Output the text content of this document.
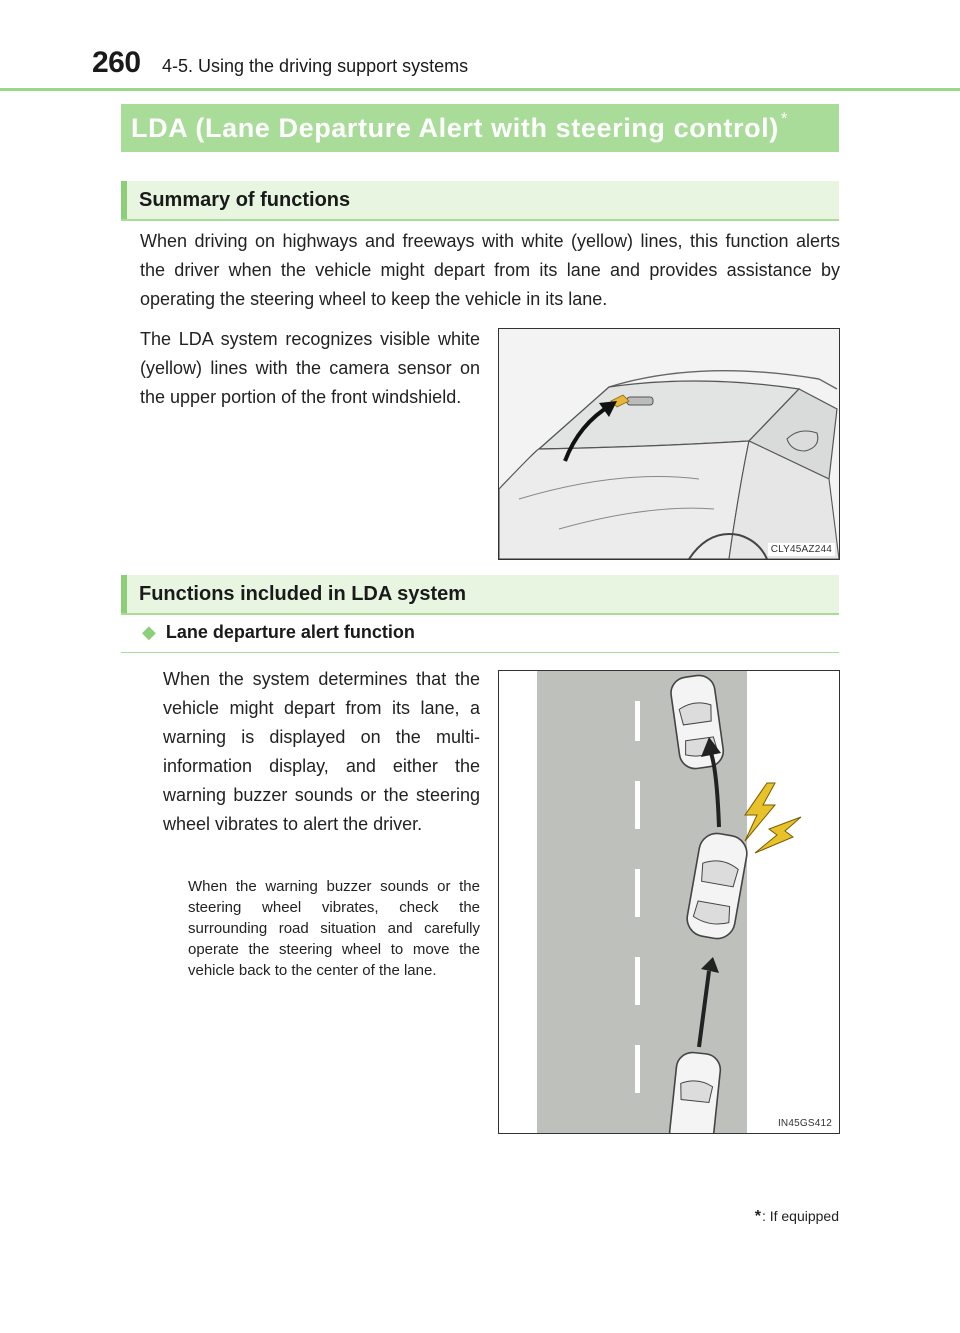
260 4-5. Using the driving support systems
LDA (Lane Departure Alert with steering control) *
Summary of functions
When driving on highways and freeways with white (yellow) lines, this function alerts the driver when the vehicle might depart from its lane and provides assistance by operating the steering wheel to keep the vehicle in its lane.
The LDA system recognizes visible white (yellow) lines with the camera sensor on the upper portion of the front windshield.
CLY45AZ244
Functions included in LDA system
◆ Lane departure alert function
When the system determines that the vehicle might depart from its lane, a warning is displayed on the multi-information display, and either the warning buzzer sounds or the steering wheel vibrates to alert the driver.
When the warning buzzer sounds or the steering wheel vibrates, check the surrounding road situation and carefully operate the steering wheel to move the vehicle back to the center of the lane.
IN45GS412
*: If equipped
